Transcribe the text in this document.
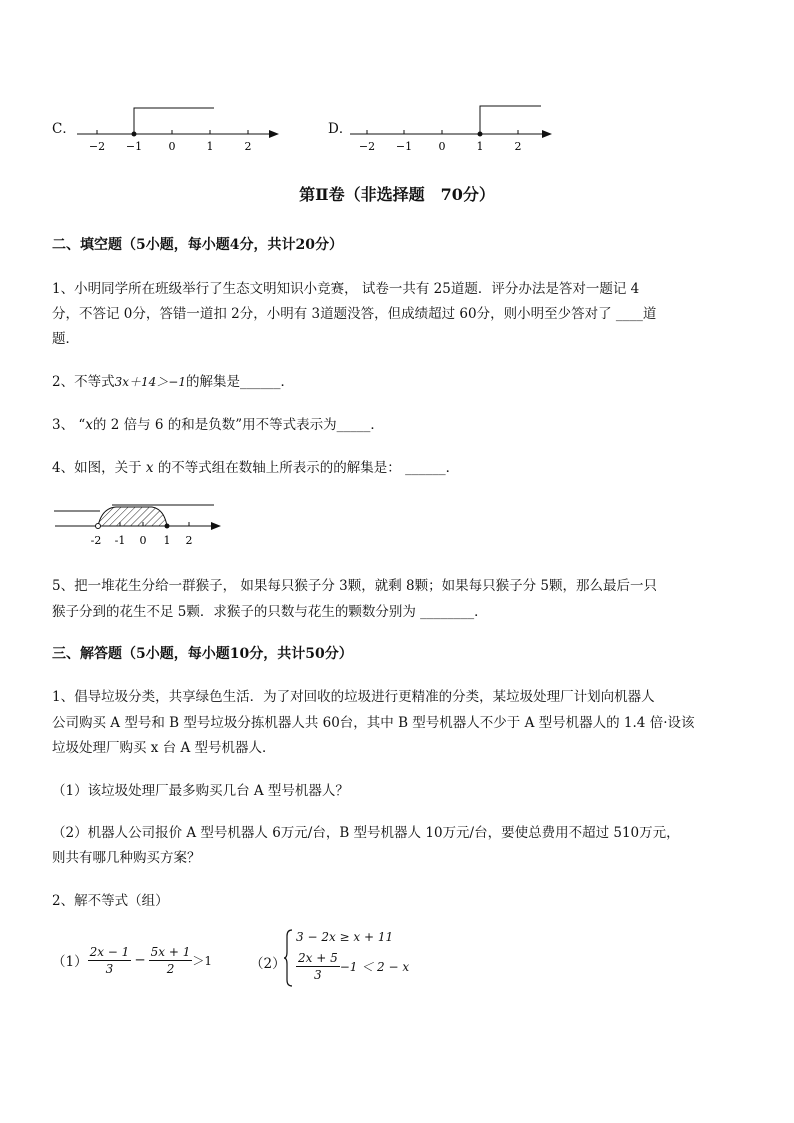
C．
−2 −1 0	1	2
D．
−2 −1 0	1	2
第Ⅱ卷（非选择题　70分）
二、填空题（5小题，每小题4分，共计20分）
1、小明同学所在班级举行了生态文明知识小竞赛， 试卷一共有 25道题．评分办法是答对一题记 4
分，不答记 0分，答错一道扣 2分，小明有 3道题没答，但成绩超过 60分，则小明至少答对了 ____道
题．
2、不等式3x＋14＞−1的解集是______．
3、 “x的 2 倍与 6 的和是负数”用不等式表示为_____．
4、如图，关于 x 的不等式组在数轴上所表示的的解集是： ______．
-2 -1 0 1 2
5、把一堆花生分给一群猴子， 如果每只猴子分 3颗，就剩 8颗；如果每只猴子分 5颗，那么最后一只
猴子分到的花生不足 5颗．求猴子的只数与花生的颗数分别为 ________．
三、解答题（5小题，每小题10分，共计50分）
1、倡导垃圾分类，共享绿色生活．为了对回收的垃圾进行更精准的分类，某垃圾处理厂计划向机器人
公司购买 A 型号和 B 型号垃圾分拣机器人共 60台，其中 B 型号机器人不少于 A 型号机器人的 1.4 倍·设该
垃圾处理厂购买 x 台 A 型号机器人．
（1）该垃圾处理厂最多购买几台 A 型号机器人？
（2）机器人公司报价 A 型号机器人 6万元/台，B 型号机器人 10万元/台，要使总费用不超过 510万元，
则共有哪几种购买方案？
2、解不等式（组）
$(1) \frac{2x - 1}{3} - \frac{5x + 1}{2} >1$	（2）
3 − 2x ≥ x + 11
$\frac{2x + 5}{3} -1 < 2 - x$
